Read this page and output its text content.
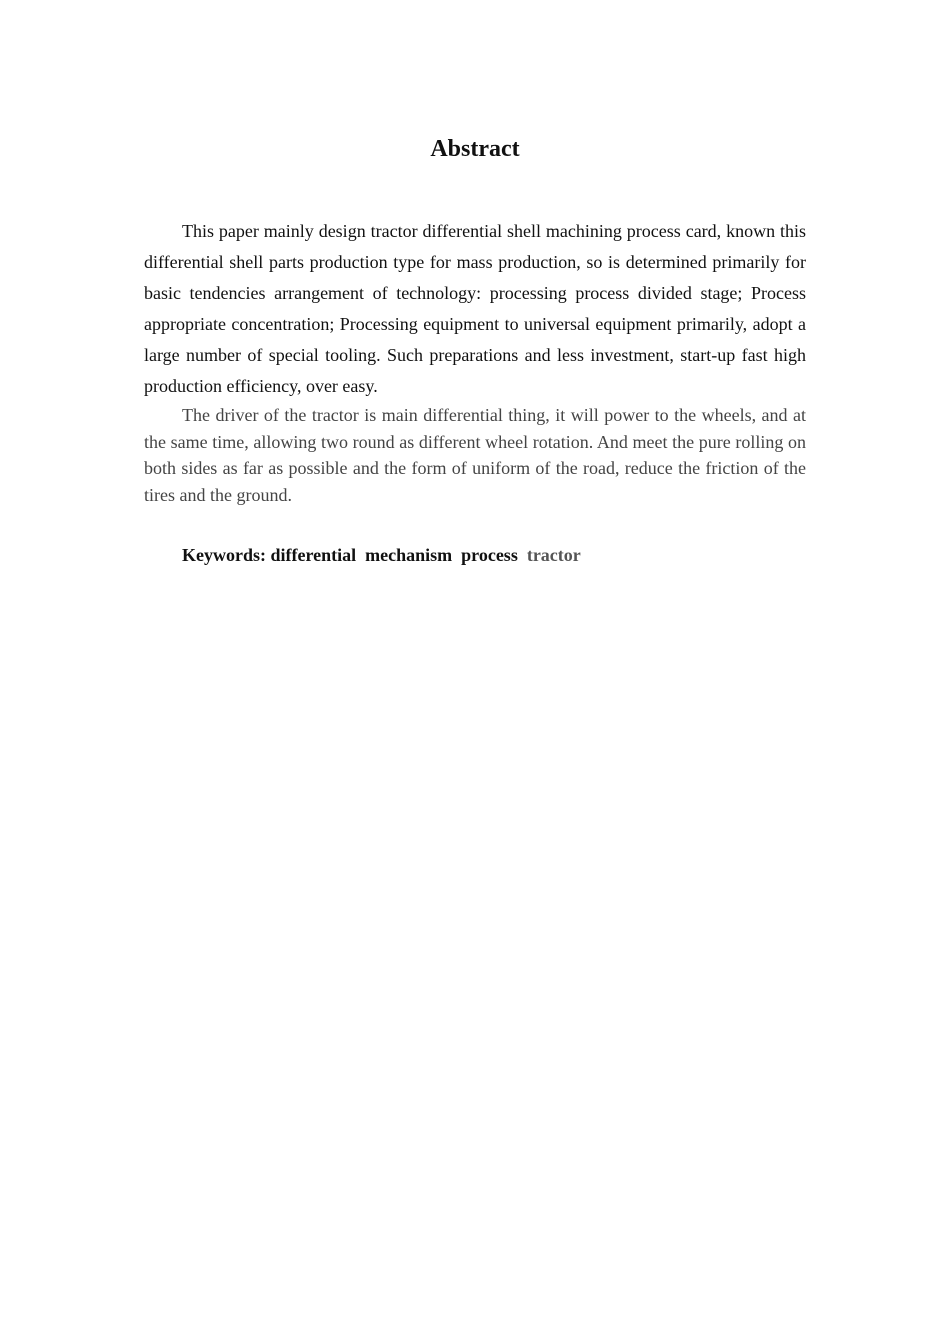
Abstract

This paper mainly design tractor differential shell machining process card, known this differential shell parts production type for mass production, so is determined primarily for basic tendencies arrangement of technology: processing process divided stage; Process appropriate concentration; Processing equipment to universal equipment primarily, adopt a large number of special tooling. Such preparations and less investment, start-up fast high production efficiency, over easy.

The driver of the tractor is main differential thing, it will power to the wheels, and at the same time, allowing two round as different wheel rotation. And meet the pure rolling on both sides as far as possible and the form of uniform of the road, reduce the friction of the tires and the ground.

Keywords: differential mechanism process tractor
